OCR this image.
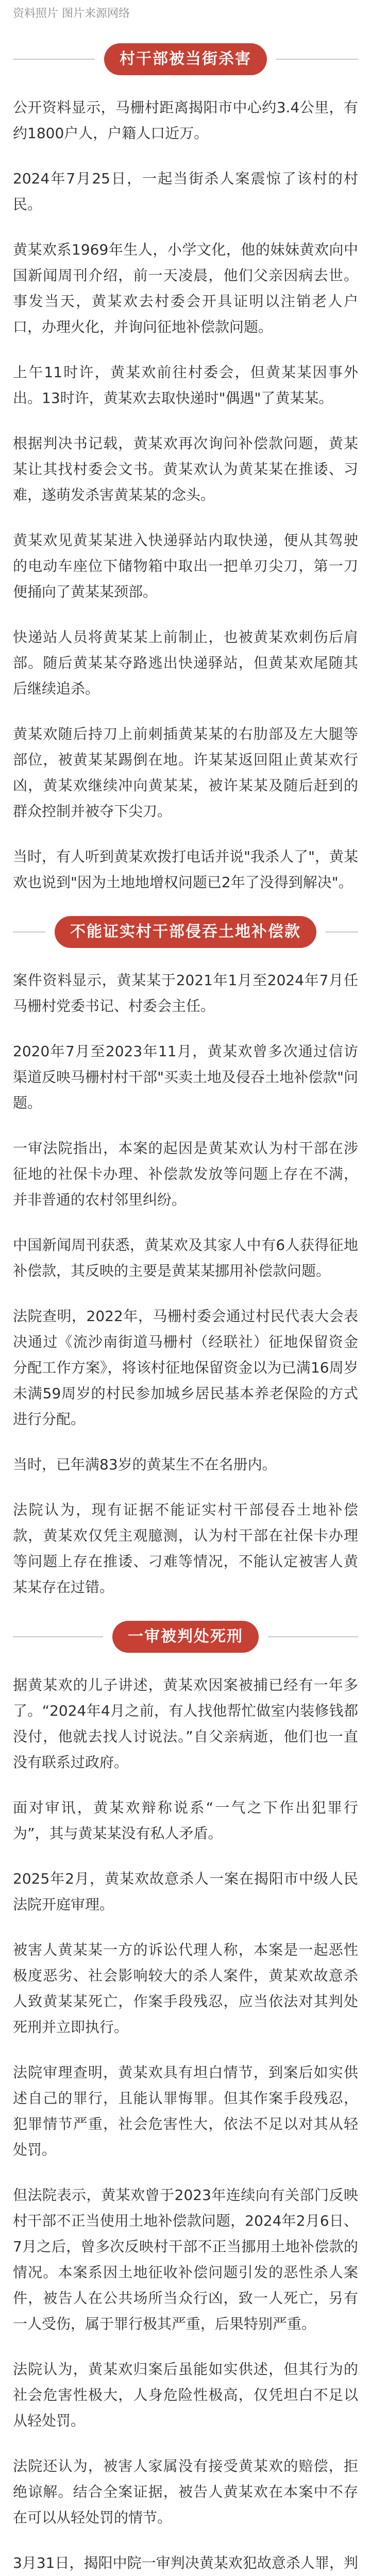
资料照片 图片来源网络
村干部被当街杀害

公开资料显示，马栅村距离揭阳市中心约3.4公里，有约1800户人，户籍人口近万。

2024年7月25日，一起当街杀人案震惊了该村的村民。

黄某欢系1969年生人，小学文化，他的妹妹黄欢向中国新闻周刊介绍，前一天凌晨，他们父亲因病去世。事发当天，黄某欢去村委会开具证明以注销老人户口，办理火化，并询问征地补偿款问题。

上午11时许，黄某欢前往村委会，但黄某某因事外出。13时许，黄某欢去取快递时"偶遇"了黄某某。

根据判决书记载，黄某欢再次询问补偿款问题，黄某某让其找村委会文书。黄某欢认为黄某某在推诿、习难，遂萌发杀害黄某某的念头。

黄某欢见黄某某进入快递驿站内取快递，便从其驾驶的电动车座位下储物箱中取出一把单刃尖刀，第一刀便捅向了黄某某颈部。

快递站人员将黄某某上前制止，也被黄某欢刺伤后肩部。随后黄某某夺路逃出快递驿站，但黄某欢尾随其后继续追杀。

黄某欢随后持刀上前刺插黄某某的右肋部及左大腿等部位，被黄某某踢倒在地。许某某返回阻止黄某欢行凶，黄某欢继续冲向黄某某，被许某某及随后赶到的群众控制并被夺下尖刀。

当时，有人听到黄某欢拨打电话并说"我杀人了"，黄某欢也说到"因为土地地增权问题已2年了没得到解决"。

不能证实村干部侵吞土地补偿款

案件资料显示，黄某某于2021年1月至2024年7月任马栅村党委书记、村委会主任。

2020年7月至2023年11月，黄某欢曾多次通过信访渠道反映马栅村村干部"买卖土地及侵吞土地补偿款"问题。

一审法院指出，本案的起因是黄某欢认为村干部在涉征地的社保卡办理、补偿款发放等问题上存在不满，并非普通的农村邻里纠纷。

中国新闻周刊获悉，黄某欢及其家人中有6人获得征地补偿款，其反映的主要是黄某某挪用补偿款问题。

法院查明，2022年，马栅村委会通过村民代表大会表决通过《流沙南街道马栅村（经联社）征地保留资金分配工作方案》，将该村征地保留资金以为已满16周岁未满59周岁的村民参加城乡居民基本养老保险的方式进行分配。

当时，已年满83岁的黄某生不在名册内。

法院认为，现有证据不能证实村干部侵吞土地补偿款，黄某欢仅凭主观臆测，认为村干部在社保卡办理等问题上存在推诿、刁难等情况，不能认定被害人黄某某存在过错。

一审被判处死刑

据黄某欢的儿子讲述，黄某欢因案被捕已经有一年多了。“2024年4月之前，有人找他帮忙做室内装修钱都没付，他就去找人讨说法。”自父亲病逝，他们也一直没有联系过政府。

面对审讯，黄某欢辩称说系“一气之下作出犯罪行为”，其与黄某某没有私人矛盾。

2025年2月，黄某欢故意杀人一案在揭阳市中级人民法院开庭审理。

被害人黄某某一方的诉讼代理人称，本案是一起恶性极度恶劣、社会影响较大的杀人案件，黄某欢故意杀人致黄某某死亡，作案手段残忍，应当依法对其判处死刑并立即执行。

法院审理查明，黄某欢具有坦白情节，到案后如实供述自己的罪行，且能认罪悔罪。但其作案手段残忍，犯罪情节严重，社会危害性大，依法不足以对其从轻处罚。

但法院表示，黄某欢曾于2023年连续向有关部门反映村干部不正当使用土地补偿款问题，2024年2月6日、7月之后，曾多次反映村干部不正当挪用土地补偿款的情况。本案系因土地征收补偿问题引发的恶性杀人案件，被告人在公共场所当众行凶，致一人死亡，另有一人受伤，属于罪行极其严重，后果特别严重。

法院认为，黄某欢归案后虽能如实供述，但其行为的社会危害性极大，人身危险性极高，仅凭坦白不足以从轻处罚。

法院还认为，被害人家属没有接受黄某欢的赔偿，拒绝谅解。结合全案证据，被告人黄某欢在本案中不存在可以从轻处罚的情节。

3月31日，揭阳中院一审判决黄某欢犯故意杀人罪，判
